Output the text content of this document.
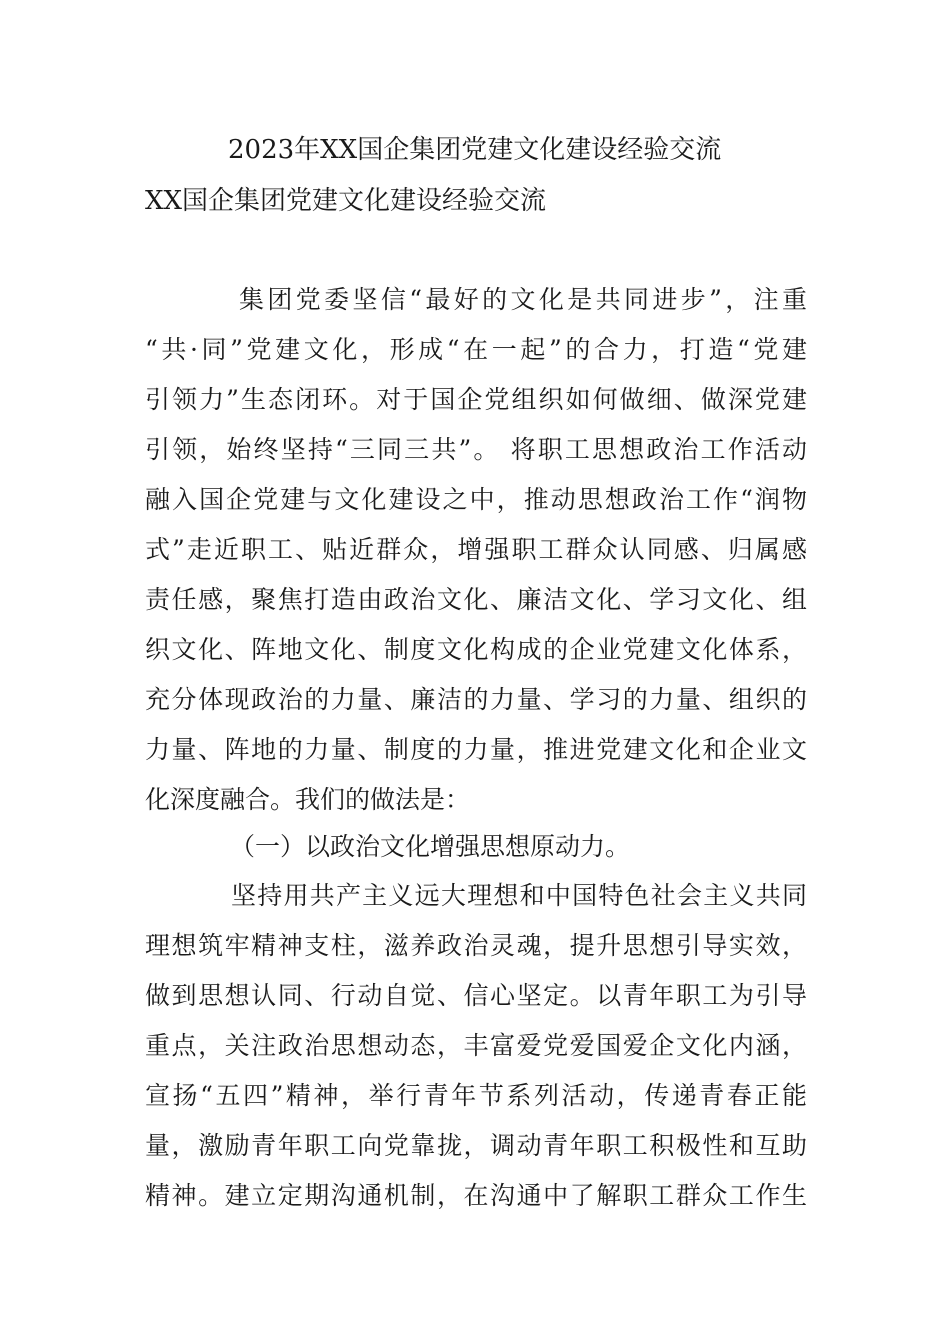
2023年XX国企集团党建文化建设经验交流
XX国企集团党建文化建设经验交流
集团党委坚信“最好的文化是共同进步”，注重
“共·同”党建文化，形成“在一起”的合力，打造“党建
引领力”生态闭环。对于国企党组织如何做细、做深党建
引领，始终坚持“三同三共”。 将职工思想政治工作活动
融入国企党建与文化建设之中，推动思想政治工作“润物
式”走近职工、贴近群众，增强职工群众认同感、归属感
责任感，聚焦打造由政治文化、廉洁文化、学习文化、组
织文化、阵地文化、制度文化构成的企业党建文化体系，
充分体现政治的力量、廉洁的力量、学习的力量、组织的
力量、阵地的力量、制度的力量，推进党建文化和企业文
化深度融合。我们的做法是：
（一）以政治文化增强思想原动力。
坚持用共产主义远大理想和中国特色社会主义共同
理想筑牢精神支柱，滋养政治灵魂，提升思想引导实效，
做到思想认同、行动自觉、信心坚定。以青年职工为引导
重点，关注政治思想动态，丰富爱党爱国爱企文化内涵，
宣扬“五四”精神，举行青年节系列活动，传递青春正能
量，激励青年职工向党靠拢，调动青年职工积极性和互助
精神。建立定期沟通机制，在沟通中了解职工群众工作生
